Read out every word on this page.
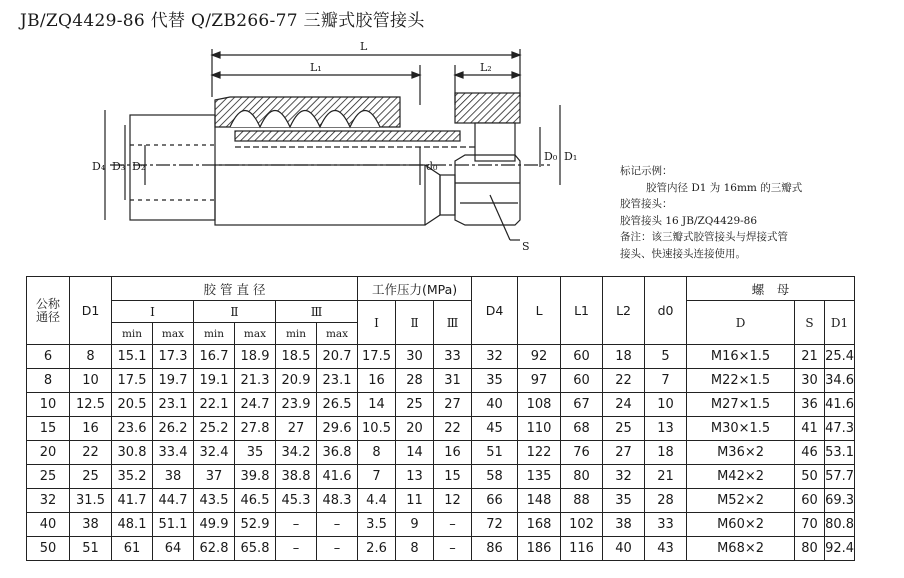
JB/ZQ4429-86 代替 Q/ZB266-77 三瓣式胶管接头
L
L₁	L₂
D₄ D₃ D₂	d₀
D₀ D₁
S
标记示例：
胶管内径 D1 为 16mm 的三瓣式
胶管接头：
胶管接头 16 JB/ZQ4429-86
备注：该三瓣式胶管接头与焊接式管
接头、快速接头连接使用。
公称
通径	D1	胶 管 直 径						工作压力(MPa)			D4	L	L1	L2	d0	螺　母		
		Ⅰ		Ⅱ		Ⅲ		Ⅰ	Ⅱ	Ⅲ						D	S	D1
		min	max	min	max	min	max											
6	8	15.1	17.3	16.7	18.9	18.5	20.7	17.5	30	33	32	92	60	18	5	M16×1.5	21	25.4
8	10	17.5	19.7	19.1	21.3	20.9	23.1	16	28	31	35	97	60	22	7	M22×1.5	30	34.6
10	12.5	20.5	23.1	22.1	24.7	23.9	26.5	14	25	27	40	108	67	24	10	M27×1.5	36	41.6
15	16	23.6	26.2	25.2	27.8	27	29.6	10.5	20	22	45	110	68	25	13	M30×1.5	41	47.3
20	22	30.8	33.4	32.4	35	34.2	36.8	8	14	16	51	122	76	27	18	M36×2	46	53.1
25	25	35.2	38	37	39.8	38.8	41.6	7	13	15	58	135	80	32	21	M42×2	50	57.7
32	31.5	41.7	44.7	43.5	46.5	45.3	48.3	4.4	11	12	66	148	88	35	28	M52×2	60	69.3
40	38	48.1	51.1	49.9	52.9	–	–	3.5	9	–	72	168	102	38	33	M60×2	70	80.8
50	51	61	64	62.8	65.8	–	–	2.6	8	–	86	186	116	40	43	M68×2	80	92.4
